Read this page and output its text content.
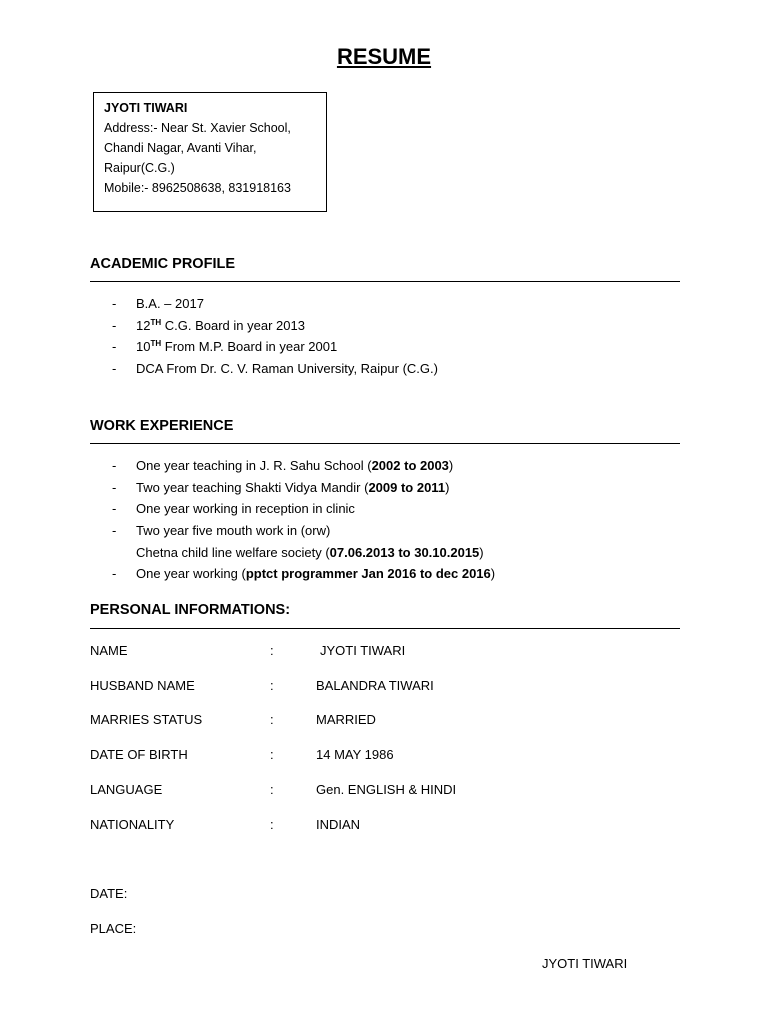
RESUME
JYOTI TIWARI
Address:- Near St. Xavier School,
Chandi Nagar, Avanti Vihar,
Raipur(C.G.)
Mobile:- 8962508638, 831918163
ACADEMIC PROFILE
- B.A. – 2017
- 12TH C.G. Board in year 2013
- 10TH From M.P. Board in year 2001
- DCA From Dr. C. V. Raman University, Raipur (C.G.)
WORK EXPERIENCE
- One year teaching in J. R. Sahu School (2002 to 2003)
- Two year teaching Shakti Vidya Mandir (2009 to 2011)
- One year working in reception in clinic
- Two year five mouth work in (orw)
Chetna child line welfare society (07.06.2013 to 30.10.2015)
- One year working (pptct programmer Jan 2016 to dec 2016)
PERSONAL INFORMATIONS:
NAME	:	JYOTI TIWARI
HUSBAND NAME	:	BALANDRA TIWARI
MARRIES STATUS	:	MARRIED
DATE OF BIRTH	:	14 MAY 1986
LANGUAGE	:	Gen. ENGLISH & HINDI
NATIONALITY	:	INDIAN
DATE:
PLACE:
JYOTI TIWARI
